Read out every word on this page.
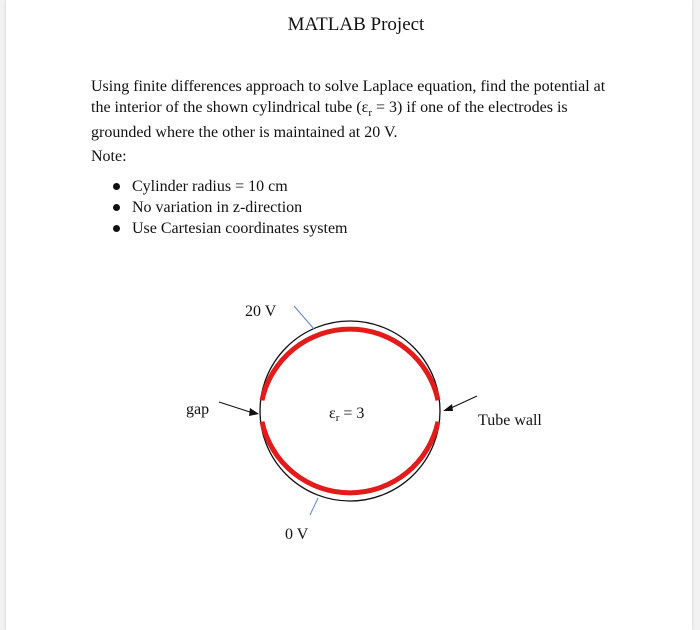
MATLAB Project
Using finite differences approach to solve Laplace equation, find the potential at the interior of the shown cylindrical tube $(\varepsilon_r = 3)$ if one of the electrodes is grounded where the other is maintained at 20 V.
Note:
Cylinder radius = 10 cm
No variation in z-direction
Use Cartesian coordinates system
20 V
0 V
gap
Tube wall
εr = 3
